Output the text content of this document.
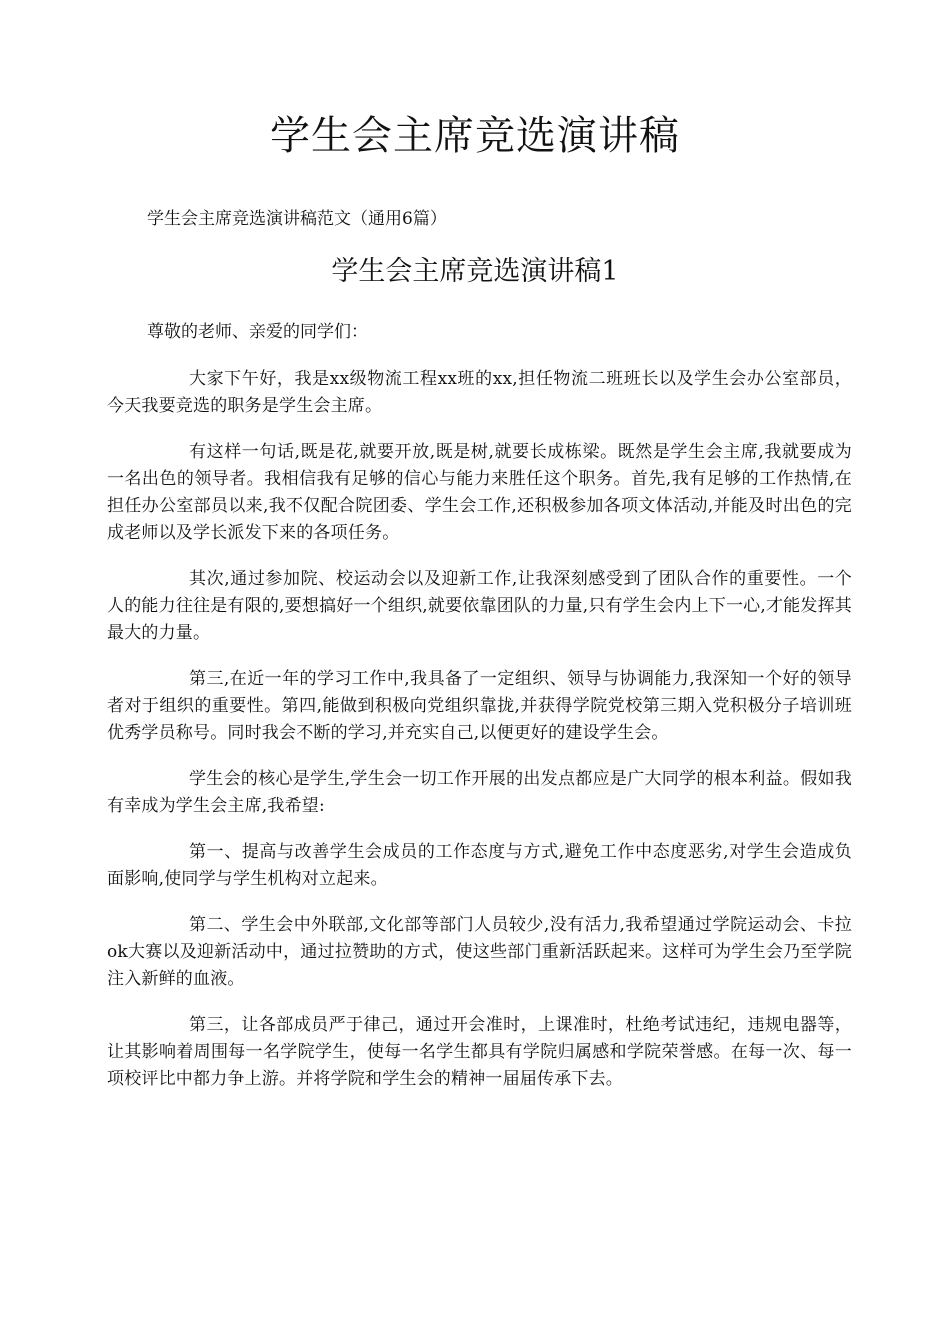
学生会主席竞选演讲稿

学生会主席竞选演讲稿范文（通用6篇）

学生会主席竞选演讲稿1

尊敬的老师、亲爱的同学们：

大家下午好，我是xx级物流工程xx班的xx,担任物流二班班长以及学生会办公室部员，今天我要竞选的职务是学生会主席。

有这样一句话,既是花,就要开放,既是树,就要长成栋梁。既然是学生会主席,我就要成为一名出色的领导者。我相信我有足够的信心与能力来胜任这个职务。首先,我有足够的工作热情,在担任办公室部员以来,我不仅配合院团委、学生会工作,还积极参加各项文体活动,并能及时出色的完成老师以及学长派发下来的各项任务。

其次,通过参加院、校运动会以及迎新工作,让我深刻感受到了团队合作的重要性。一个人的能力往往是有限的,要想搞好一个组织,就要依靠团队的力量,只有学生会内上下一心,才能发挥其最大的力量。

第三,在近一年的学习工作中,我具备了一定组织、领导与协调能力,我深知一个好的领导者对于组织的重要性。第四,能做到积极向党组织靠拢,并获得学院党校第三期入党积极分子培训班优秀学员称号。同时我会不断的学习,并充实自己,以便更好的建设学生会。

学生会的核心是学生,学生会一切工作开展的出发点都应是广大同学的根本利益。假如我有幸成为学生会主席,我希望:

第一、提高与改善学生会成员的工作态度与方式,避免工作中态度恶劣,对学生会造成负面影响,使同学与学生机构对立起来。

第二、学生会中外联部,文化部等部门人员较少,没有活力,我希望通过学院运动会、卡拉ok大赛以及迎新活动中，通过拉赞助的方式，使这些部门重新活跃起来。这样可为学生会乃至学院注入新鲜的血液。

第三，让各部成员严于律己，通过开会准时，上课准时，杜绝考试违纪，违规电器等，让其影响着周围每一名学院学生，使每一名学生都具有学院归属感和学院荣誉感。在每一次、每一项校评比中都力争上游。并将学院和学生会的精神一届届传承下去。
